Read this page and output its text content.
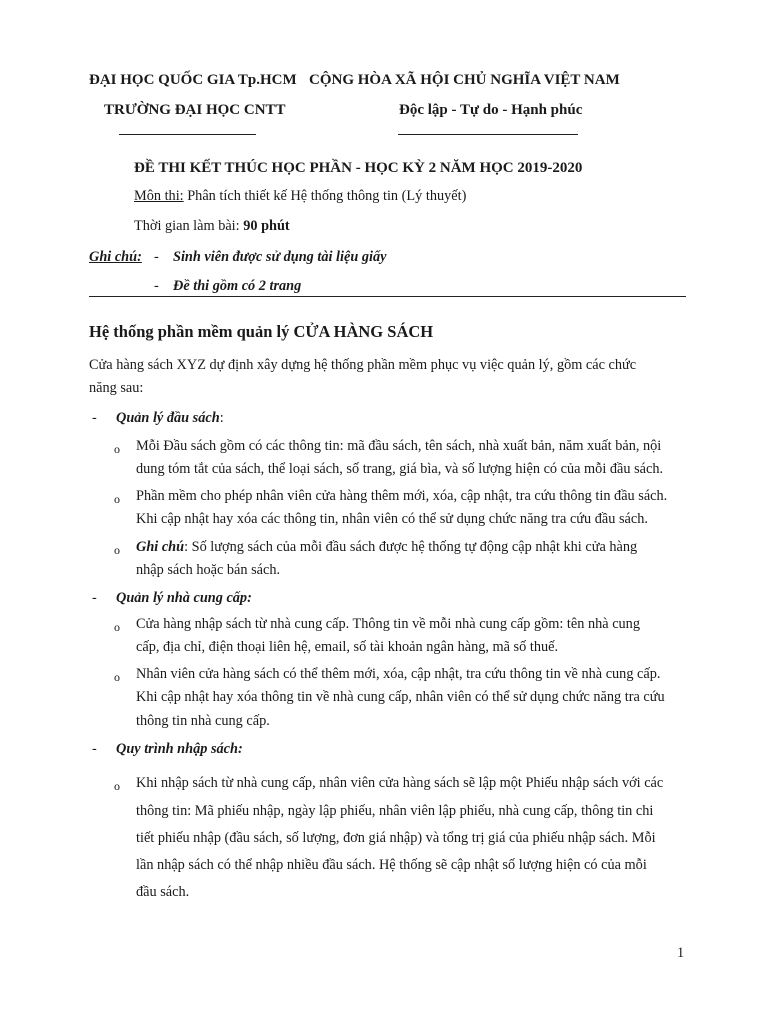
ĐẠI HỌC QUỐC GIA Tp.HCM
TRƯỜNG ĐẠI HỌC CNTT
CỘNG HÒA XÃ HỘI CHỦ NGHĨA VIỆT NAM
Độc lập - Tự do - Hạnh phúc
ĐỀ THI KẾT THÚC HỌC PHẦN - HỌC KỲ 2 NĂM HỌC 2019-2020
Môn thi: Phân tích thiết kế Hệ thống thông tin (Lý thuyết)
Thời gian làm bài: 90 phút
Ghi chú: - Sinh viên được sử dụng tài liệu giấy
- Đề thi gồm có 2 trang
Hệ thống phần mềm quản lý CỬA HÀNG SÁCH
Cửa hàng sách XYZ dự định xây dựng hệ thống phần mềm phục vụ việc quản lý, gồm các chức
năng sau:
- Quản lý đầu sách:
o Mỗi Đầu sách gồm có các thông tin: mã đầu sách, tên sách, nhà xuất bản, năm xuất bản, nội
dung tóm tắt của sách, thể loại sách, số trang, giá bìa, và số lượng hiện có của mỗi đầu sách.
o Phần mềm cho phép nhân viên cửa hàng thêm mới, xóa, cập nhật, tra cứu thông tin đầu sách.
Khi cập nhật hay xóa các thông tin, nhân viên có thể sử dụng chức năng tra cứu đầu sách.
o Ghi chú: Số lượng sách của mỗi đầu sách được hệ thống tự động cập nhật khi cửa hàng
nhập sách hoặc bán sách.
- Quản lý nhà cung cấp:
o Cửa hàng nhập sách từ nhà cung cấp. Thông tin về mỗi nhà cung cấp gồm: tên nhà cung
cấp, địa chỉ, điện thoại liên hệ, email, số tài khoản ngân hàng, mã số thuế.
o Nhân viên cửa hàng sách có thể thêm mới, xóa, cập nhật, tra cứu thông tin về nhà cung cấp.
Khi cập nhật hay xóa thông tin về nhà cung cấp, nhân viên có thể sử dụng chức năng tra cứu
thông tin nhà cung cấp.
- Quy trình nhập sách:
o Khi nhập sách từ nhà cung cấp, nhân viên cửa hàng sách sẽ lập một Phiếu nhập sách với các
thông tin: Mã phiếu nhập, ngày lập phiếu, nhân viên lập phiếu, nhà cung cấp, thông tin chi
tiết phiếu nhập (đầu sách, số lượng, đơn giá nhập) và tổng trị giá của phiếu nhập sách. Mỗi
lần nhập sách có thể nhập nhiều đầu sách. Hệ thống sẽ cập nhật số lượng hiện có của mỗi
đầu sách.
1
